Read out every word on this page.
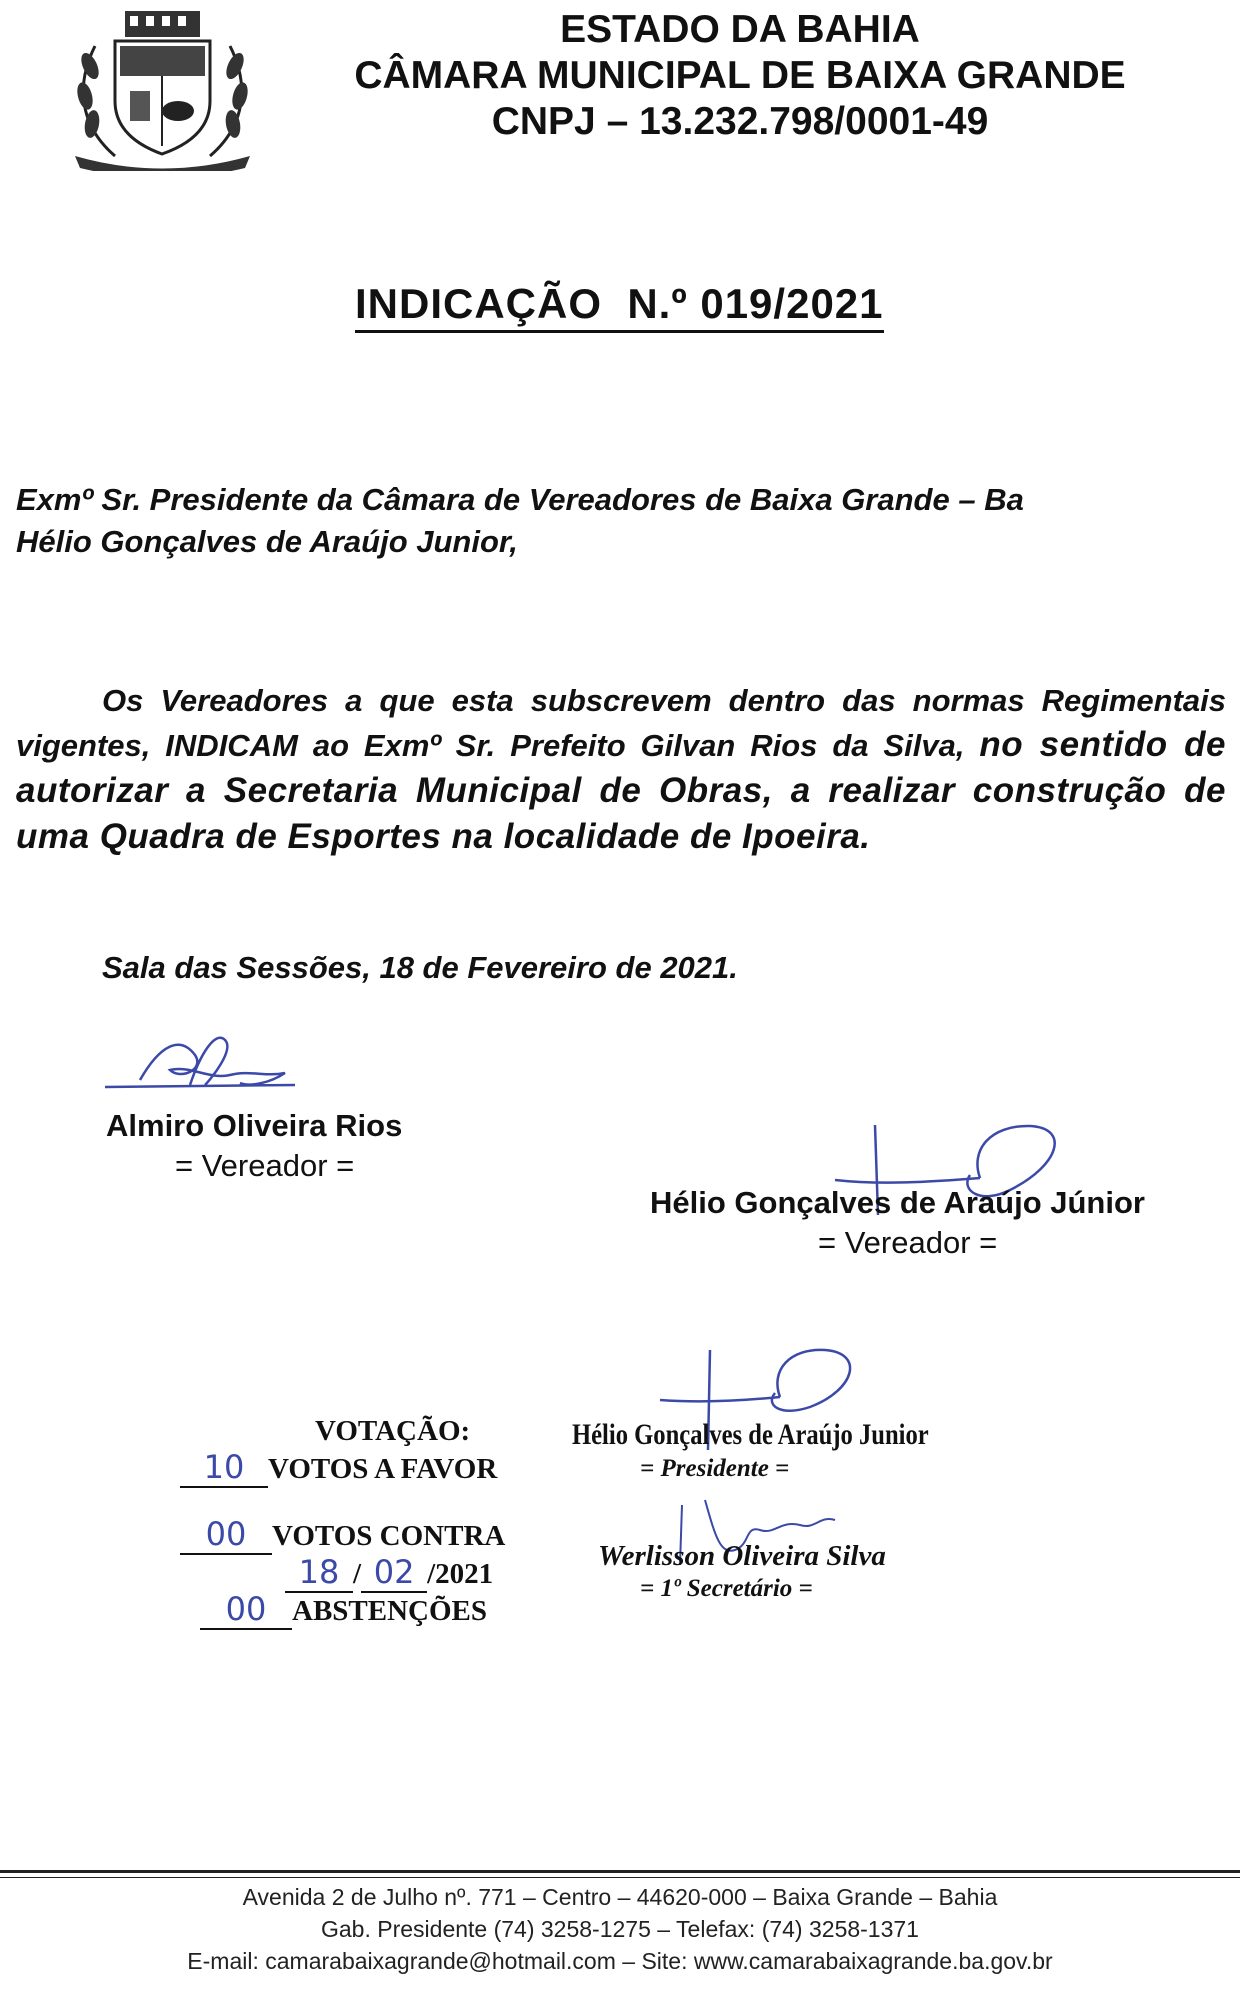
ESTADO DA BAHIA
CÂMARA MUNICIPAL DE BAIXA GRANDE
CNPJ – 13.232.798/0001-49
INDICAÇÃO  N.º 019/2021
Exmº Sr. Presidente da Câmara de Vereadores de Baixa Grande – Ba
Hélio Gonçalves de Araújo Junior,
Os Vereadores a que esta subscrevem dentro das normas Regimentais vigentes, INDICAM ao Exmº Sr. Prefeito Gilvan Rios da Silva, no sentido de autorizar a Secretaria Municipal de Obras, a realizar construção de uma Quadra de Esportes na localidade de Ipoeira.
Sala das Sessões, 18 de Fevereiro de 2021.
Almiro Oliveira Rios
= Vereador =
Hélio Gonçalves de Araújo Júnior
= Vereador =
VOTAÇÃO:
10 VOTOS A FAVOR
00 VOTOS CONTRA
18 / 02 /2021
00 ABSTENÇÕES
Hélio Gonçalves de Araújo Junior
= Presidente =
Werlisson Oliveira Silva
= 1º Secretário =
Avenida 2 de Julho nº. 771 – Centro – 44620-000 – Baixa Grande – Bahia
Gab. Presidente (74) 3258-1275 – Telefax: (74) 3258-1371
E-mail: camarabaixagrande@hotmail.com – Site: www.camarabaixagrande.ba.gov.br
